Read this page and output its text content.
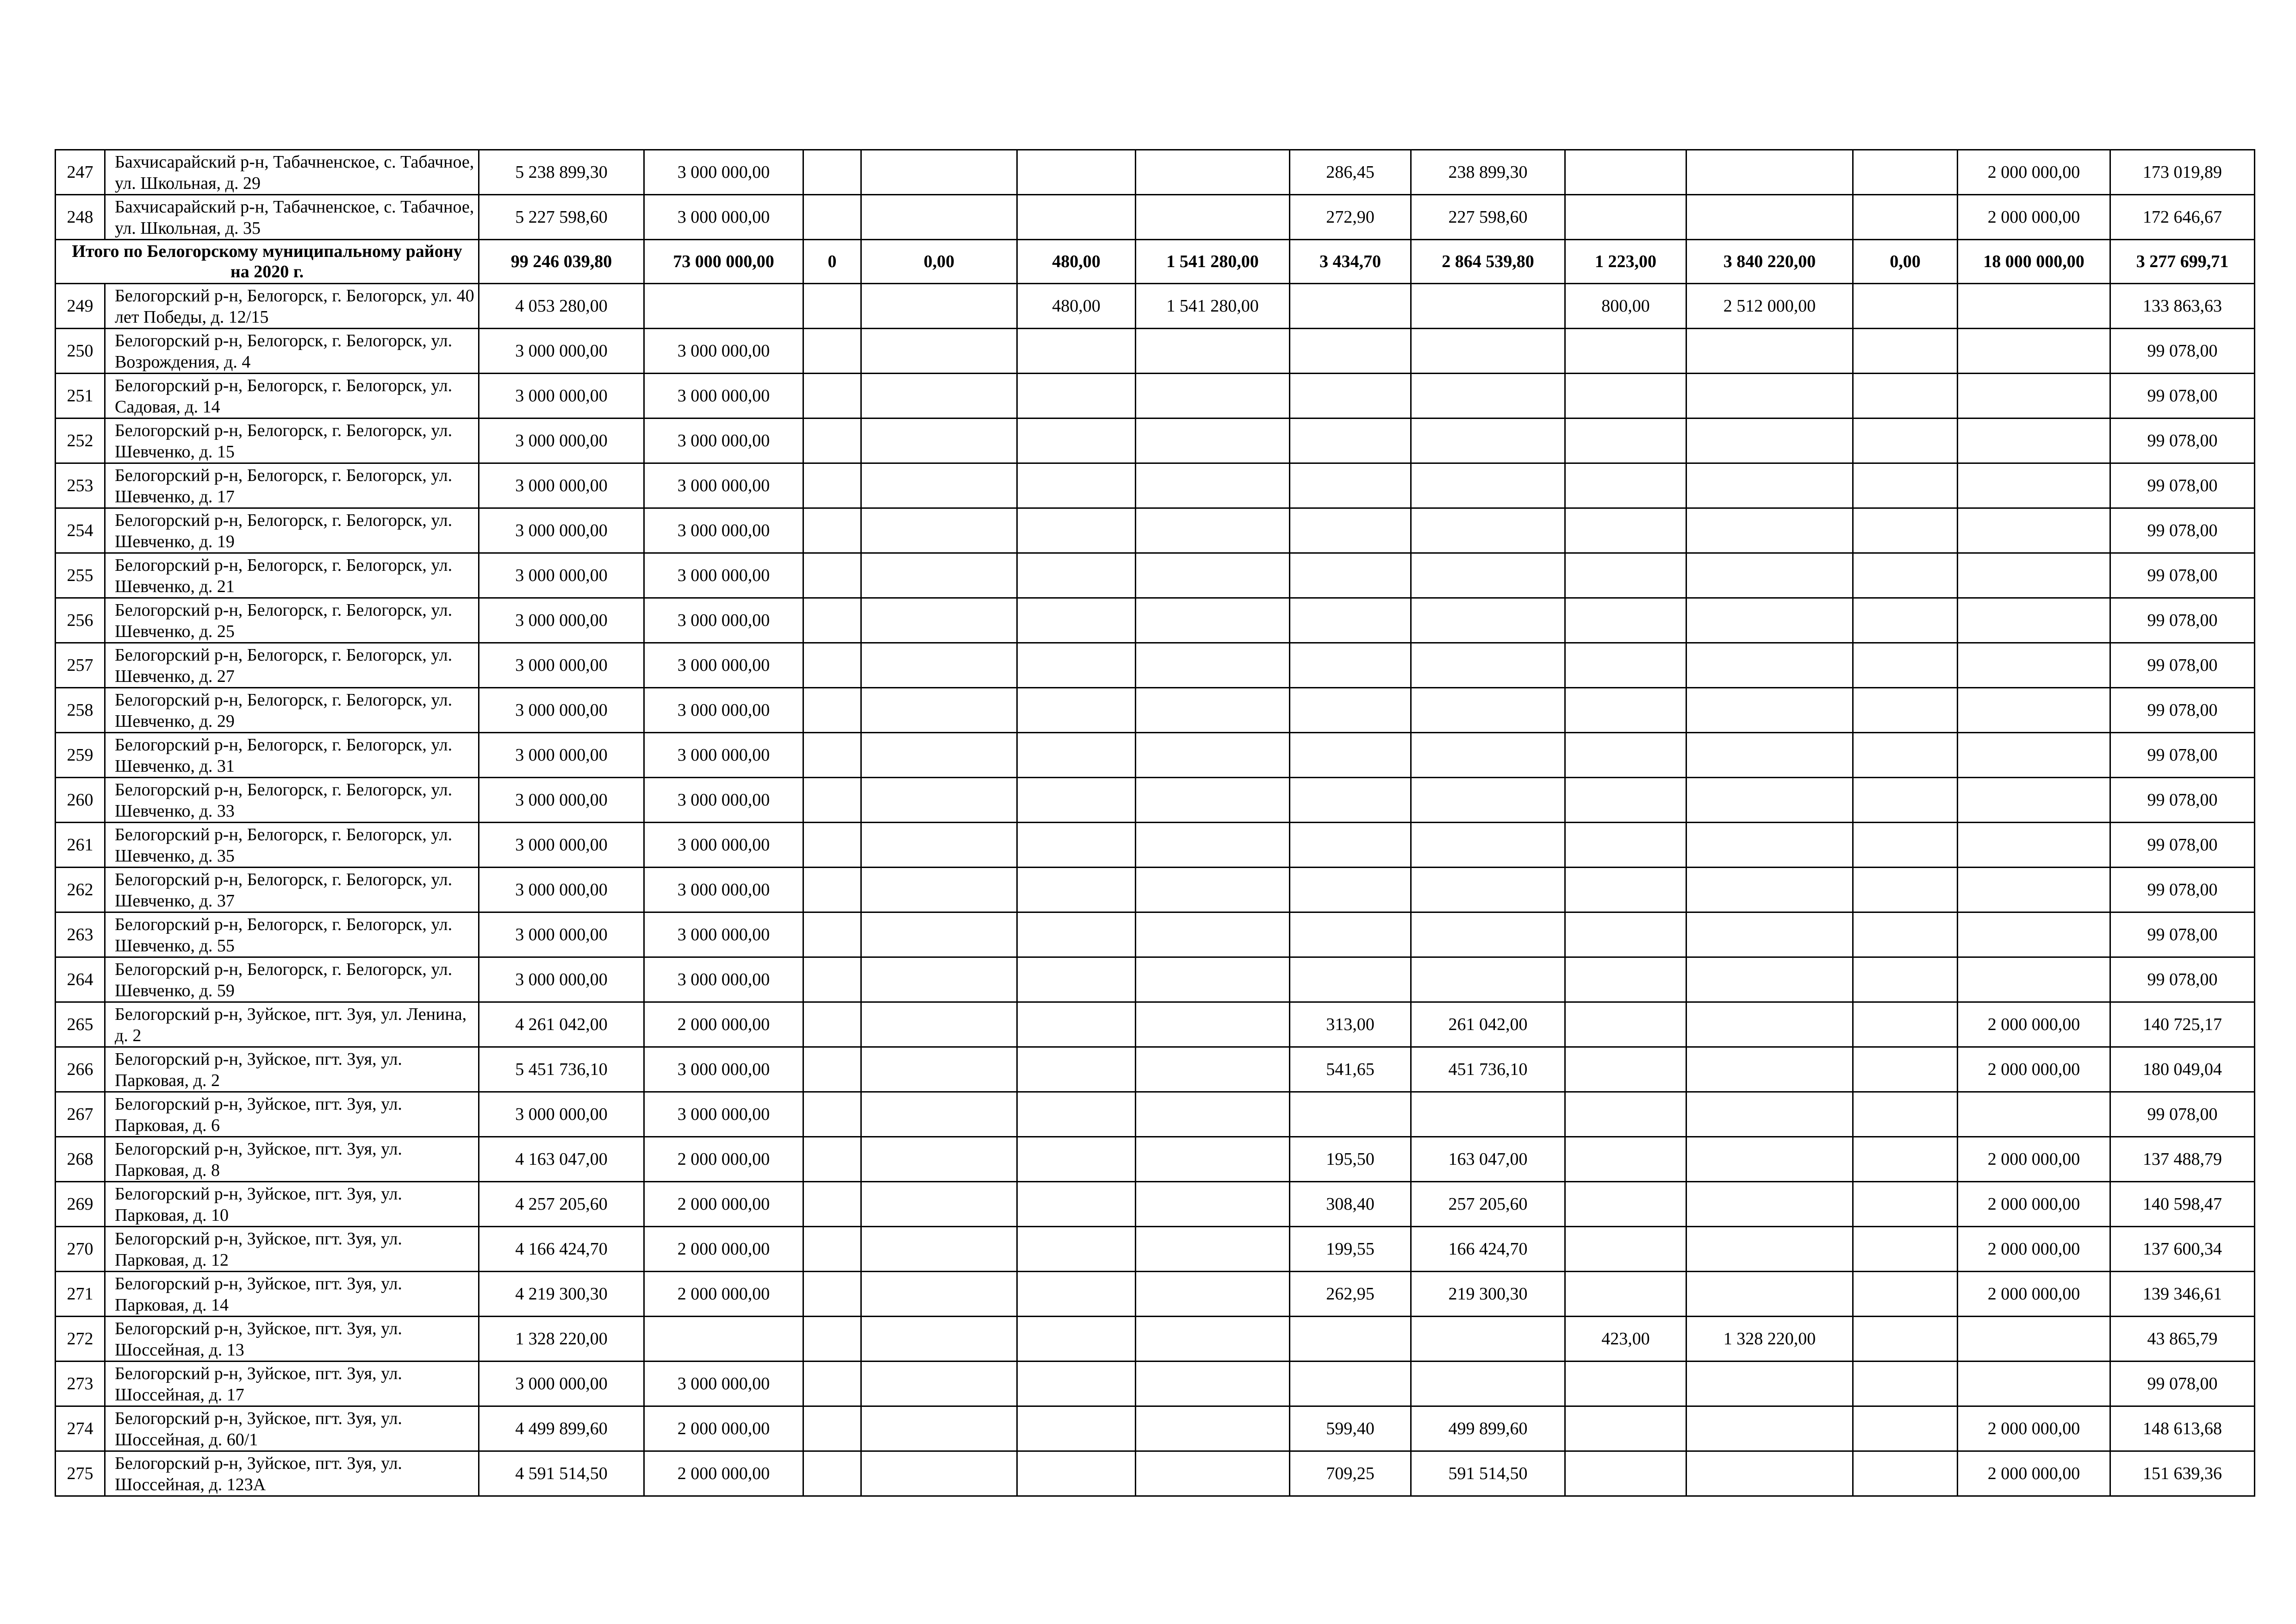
247	Бахчисарайский р-н, Табачненское, с. Табачное, ул. Школьная, д. 29	5 238 899,30	3 000 000,00					286,45	238 899,30				2 000 000,00	173 019,89
248	Бахчисарайский р-н, Табачненское, с. Табачное, ул. Школьная, д. 35	5 227 598,60	3 000 000,00					272,90	227 598,60				2 000 000,00	172 646,67
Итого по Белогорскому муниципальному району на 2020 г.		99 246 039,80	73 000 000,00	0	0,00	480,00	1 541 280,00	3 434,70	2 864 539,80	1 223,00	3 840 220,00	0,00	18 000 000,00	3 277 699,71
249	Белогорский р-н, Белогорск, г. Белогорск, ул. 40 лет Победы, д. 12/15	4 053 280,00				480,00	1 541 280,00			800,00	2 512 000,00			133 863,63
250	Белогорский р-н, Белогорск, г. Белогорск, ул. Возрождения, д. 4	3 000 000,00	3 000 000,00											99 078,00
251	Белогорский р-н, Белогорск, г. Белогорск, ул. Садовая, д. 14	3 000 000,00	3 000 000,00											99 078,00
252	Белогорский р-н, Белогорск, г. Белогорск, ул. Шевченко, д. 15	3 000 000,00	3 000 000,00											99 078,00
253	Белогорский р-н, Белогорск, г. Белогорск, ул. Шевченко, д. 17	3 000 000,00	3 000 000,00											99 078,00
254	Белогорский р-н, Белогорск, г. Белогорск, ул. Шевченко, д. 19	3 000 000,00	3 000 000,00											99 078,00
255	Белогорский р-н, Белогорск, г. Белогорск, ул. Шевченко, д. 21	3 000 000,00	3 000 000,00											99 078,00
256	Белогорский р-н, Белогорск, г. Белогорск, ул. Шевченко, д. 25	3 000 000,00	3 000 000,00											99 078,00
257	Белогорский р-н, Белогорск, г. Белогорск, ул. Шевченко, д. 27	3 000 000,00	3 000 000,00											99 078,00
258	Белогорский р-н, Белогорск, г. Белогорск, ул. Шевченко, д. 29	3 000 000,00	3 000 000,00											99 078,00
259	Белогорский р-н, Белогорск, г. Белогорск, ул. Шевченко, д. 31	3 000 000,00	3 000 000,00											99 078,00
260	Белогорский р-н, Белогорск, г. Белогорск, ул. Шевченко, д. 33	3 000 000,00	3 000 000,00											99 078,00
261	Белогорский р-н, Белогорск, г. Белогорск, ул. Шевченко, д. 35	3 000 000,00	3 000 000,00											99 078,00
262	Белогорский р-н, Белогорск, г. Белогорск, ул. Шевченко, д. 37	3 000 000,00	3 000 000,00											99 078,00
263	Белогорский р-н, Белогорск, г. Белогорск, ул. Шевченко, д. 55	3 000 000,00	3 000 000,00											99 078,00
264	Белогорский р-н, Белогорск, г. Белогорск, ул. Шевченко, д. 59	3 000 000,00	3 000 000,00											99 078,00
265	Белогорский р-н, Зуйское, пгт. Зуя, ул. Ленина, д. 2	4 261 042,00	2 000 000,00					313,00	261 042,00				2 000 000,00	140 725,17
266	Белогорский р-н, Зуйское, пгт. Зуя, ул. Парковая, д. 2	5 451 736,10	3 000 000,00					541,65	451 736,10				2 000 000,00	180 049,04
267	Белогорский р-н, Зуйское, пгт. Зуя, ул. Парковая, д. 6	3 000 000,00	3 000 000,00											99 078,00
268	Белогорский р-н, Зуйское, пгт. Зуя, ул. Парковая, д. 8	4 163 047,00	2 000 000,00					195,50	163 047,00				2 000 000,00	137 488,79
269	Белогорский р-н, Зуйское, пгт. Зуя, ул. Парковая, д. 10	4 257 205,60	2 000 000,00					308,40	257 205,60				2 000 000,00	140 598,47
270	Белогорский р-н, Зуйское, пгт. Зуя, ул. Парковая, д. 12	4 166 424,70	2 000 000,00					199,55	166 424,70				2 000 000,00	137 600,34
271	Белогорский р-н, Зуйское, пгт. Зуя, ул. Парковая, д. 14	4 219 300,30	2 000 000,00					262,95	219 300,30				2 000 000,00	139 346,61
272	Белогорский р-н, Зуйское, пгт. Зуя, ул. Шоссейная, д. 13	1 328 220,00								423,00	1 328 220,00			43 865,79
273	Белогорский р-н, Зуйское, пгт. Зуя, ул. Шоссейная, д. 17	3 000 000,00	3 000 000,00											99 078,00
274	Белогорский р-н, Зуйское, пгт. Зуя, ул. Шоссейная, д. 60/1	4 499 899,60	2 000 000,00					599,40	499 899,60				2 000 000,00	148 613,68
275	Белогорский р-н, Зуйское, пгт. Зуя, ул. Шоссейная, д. 123А	4 591 514,50	2 000 000,00					709,25	591 514,50				2 000 000,00	151 639,36
